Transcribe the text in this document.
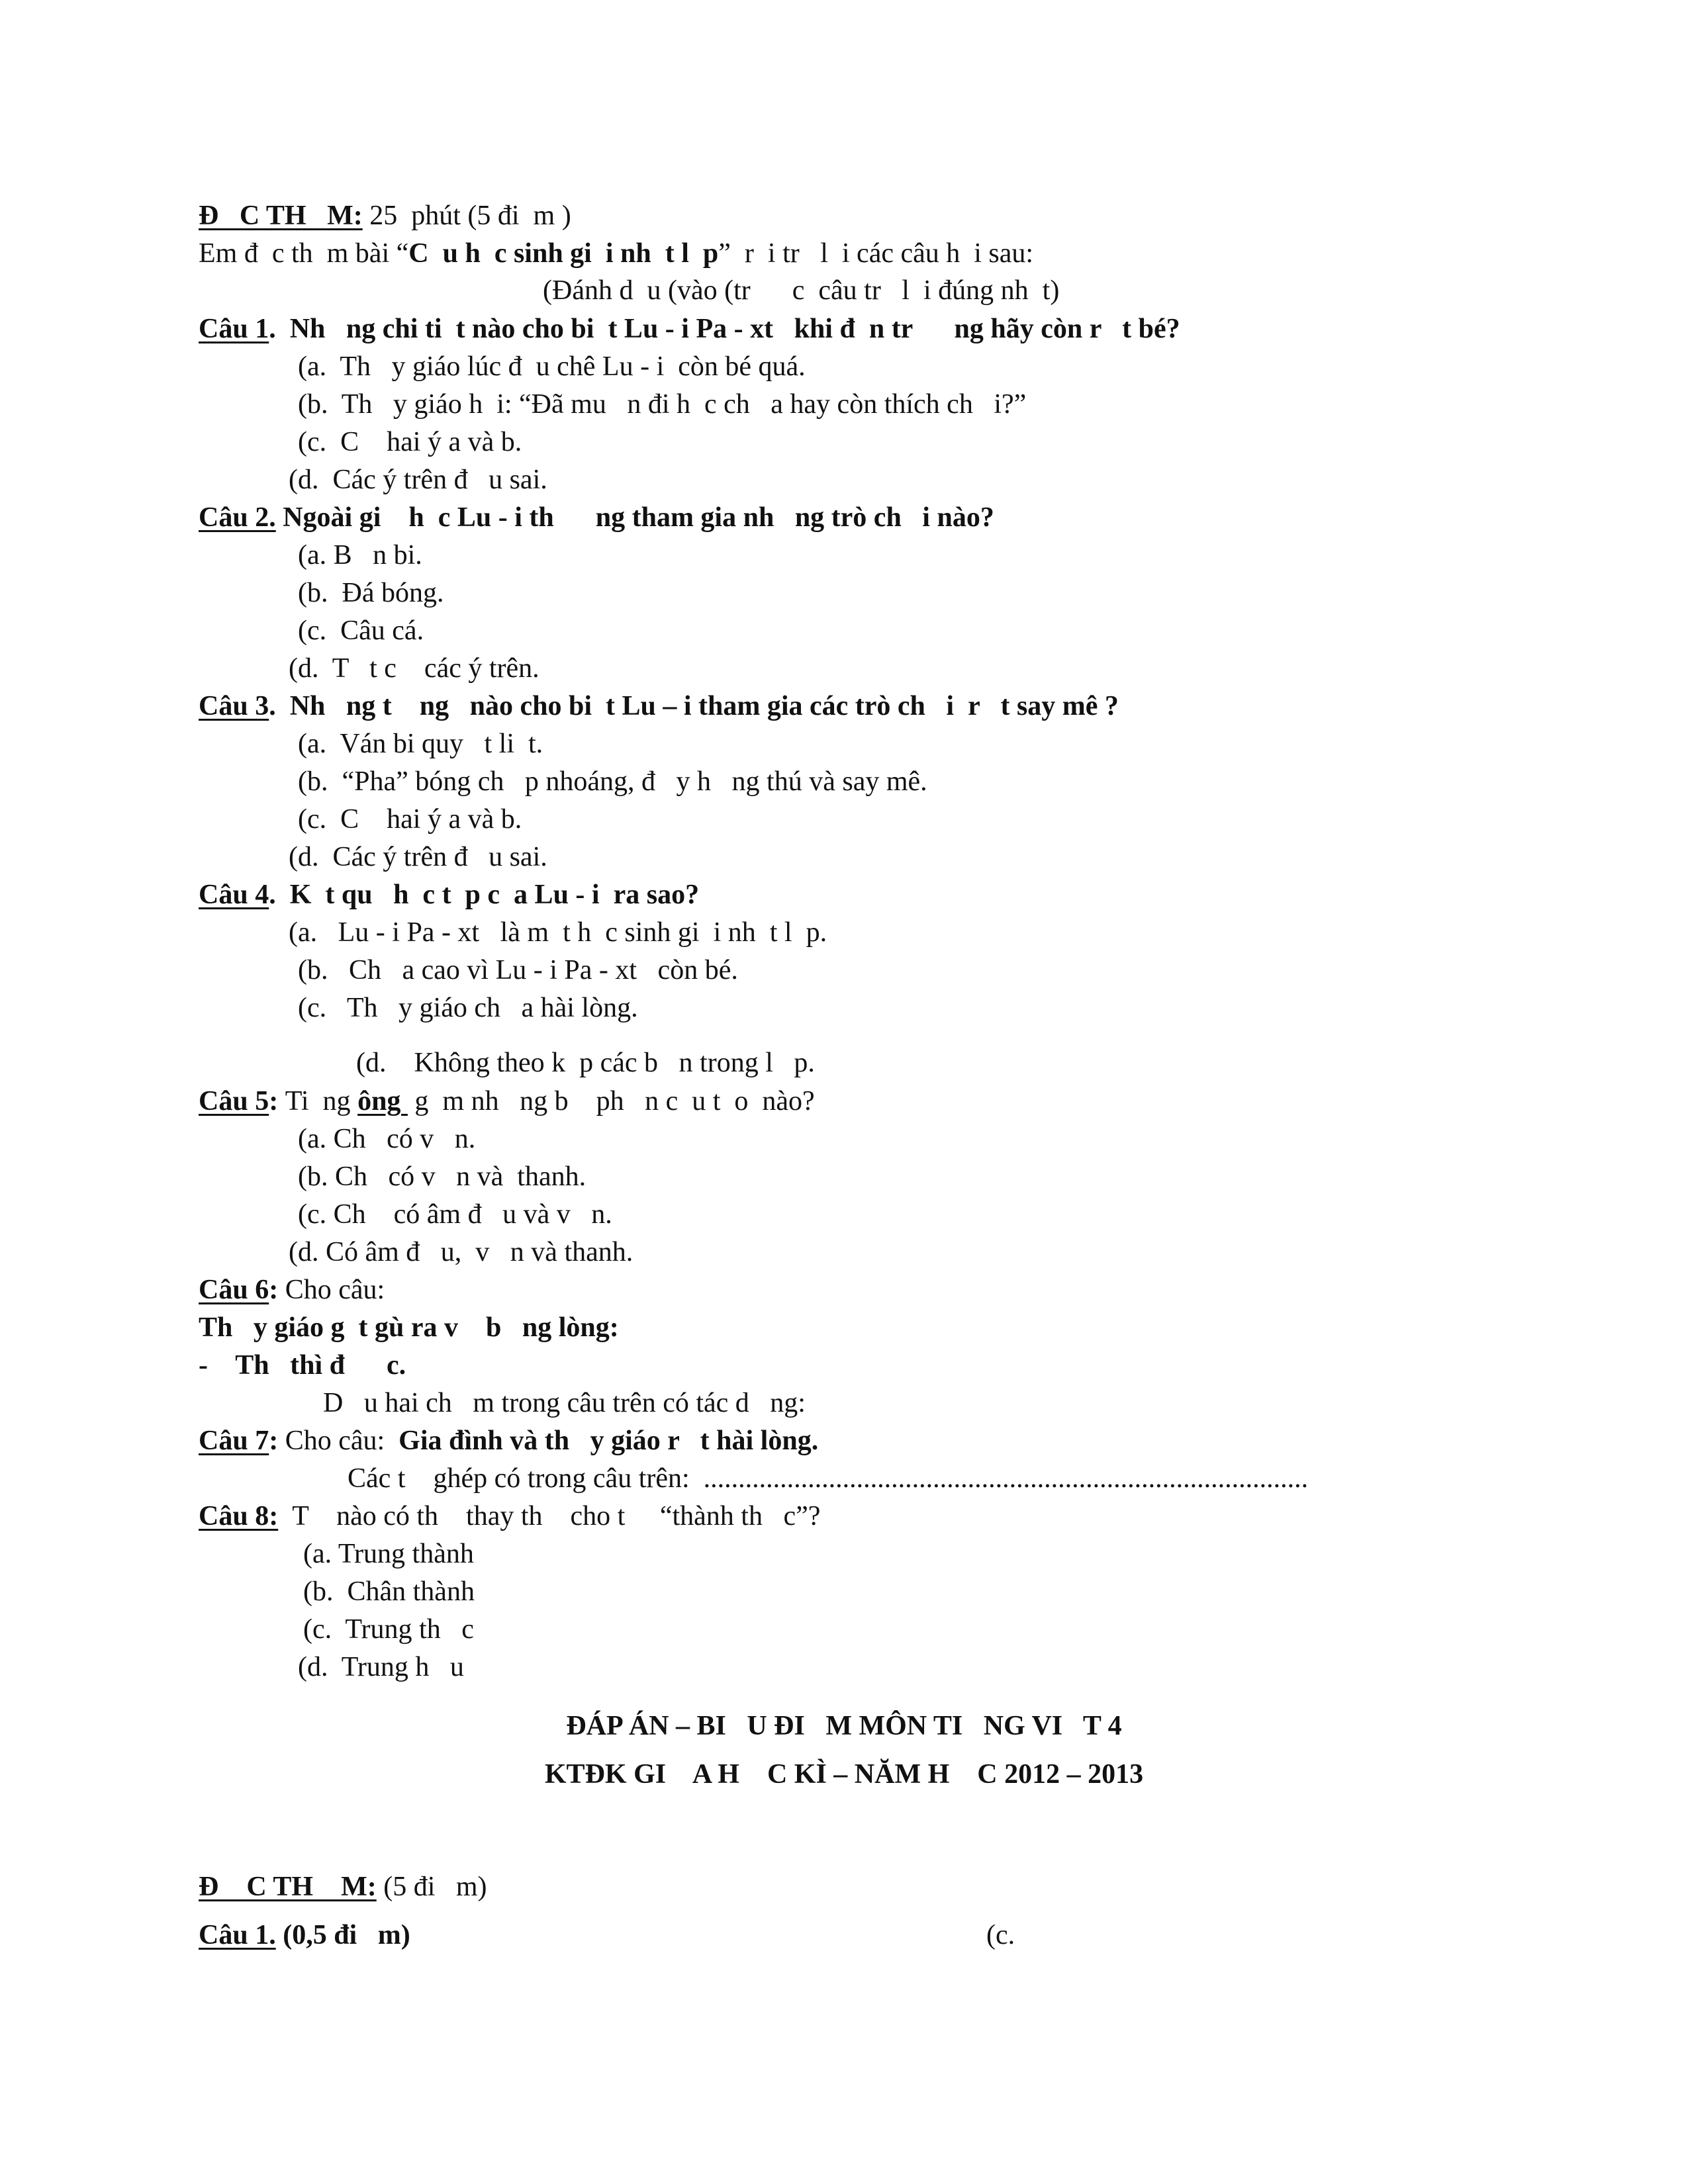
Đ   C TH   M: 25  phút (5 đi  m )
Em đ  c th  m bài “C  u h  c sinh gi  i nh  t l  p”  r  i tr   l  i các câu h  i sau:
(Đánh d  u (vào (tr      c  câu tr   l  i đúng nh  t)
Câu 1.  Nh   ng chi ti  t nào cho bi  t Lu - i Pa - xt   khi đ  n tr      ng hãy còn r   t bé?
(a.  Th   y giáo lúc đ  u chê Lu - i  còn bé quá.
(b.  Th   y giáo h  i: “Đã mu   n đi h  c ch   a hay còn thích ch   i?”
(c.  C    hai ý a và b.
(d.  Các ý trên đ   u sai.
Câu 2. Ngoài gi    h  c Lu - i th      ng tham gia nh   ng trò ch   i nào?
(a. B   n bi.
(b.  Đá bóng.
(c.  Câu cá.
(d.  T   t c    các ý trên.
Câu 3.  Nh   ng t    ng   nào cho bi  t Lu – i tham gia các trò ch   i  r   t say mê ?
(a.  Ván bi quy   t li  t.
(b.  “Pha” bóng ch   p nhoáng, đ   y h   ng thú và say mê.
(c.  C    hai ý a và b.
(d.  Các ý trên đ   u sai.
Câu 4.  K  t qu   h  c t  p c  a Lu - i  ra sao?
(a.   Lu - i Pa - xt   là m  t h  c sinh gi  i nh  t l  p.
(b.   Ch   a cao vì Lu - i Pa - xt   còn bé.
(c.   Th   y giáo ch   a hài lòng.
(d.    Không theo k  p các b   n trong l   p.
Câu 5: Ti  ng ông  g  m nh   ng b    ph   n c  u t  o  nào?
(a. Ch   có v   n.
(b. Ch   có v   n và  thanh.
(c. Ch    có âm đ   u và v   n.
(d. Có âm đ   u,  v   n và thanh.
Câu 6: Cho câu:
Th   y giáo g  t gù ra v    b   ng lòng:
-    Th   thì đ      c.
D   u hai ch   m trong câu trên có tác d   ng:
Câu 7: Cho câu:  Gia đình và th   y giáo r   t hài lòng.
Các t    ghép có trong câu trên:  .......................................................................................
Câu 8: T    nào có th    thay th    cho t     “thành th   c”?
(a. Trung thành
(b.  Chân thành
(c.  Trung th   c
(d.  Trung h   u
ĐÁP ÁN – BI   U ĐI   M MÔN TI   NG VI   T 4
KTĐK GI    A H    C KÌ – NĂM H    C 2012 – 2013
Đ    C TH    M: (5 đi   m)
Câu 1. (0,5 đi   m)	(c.
